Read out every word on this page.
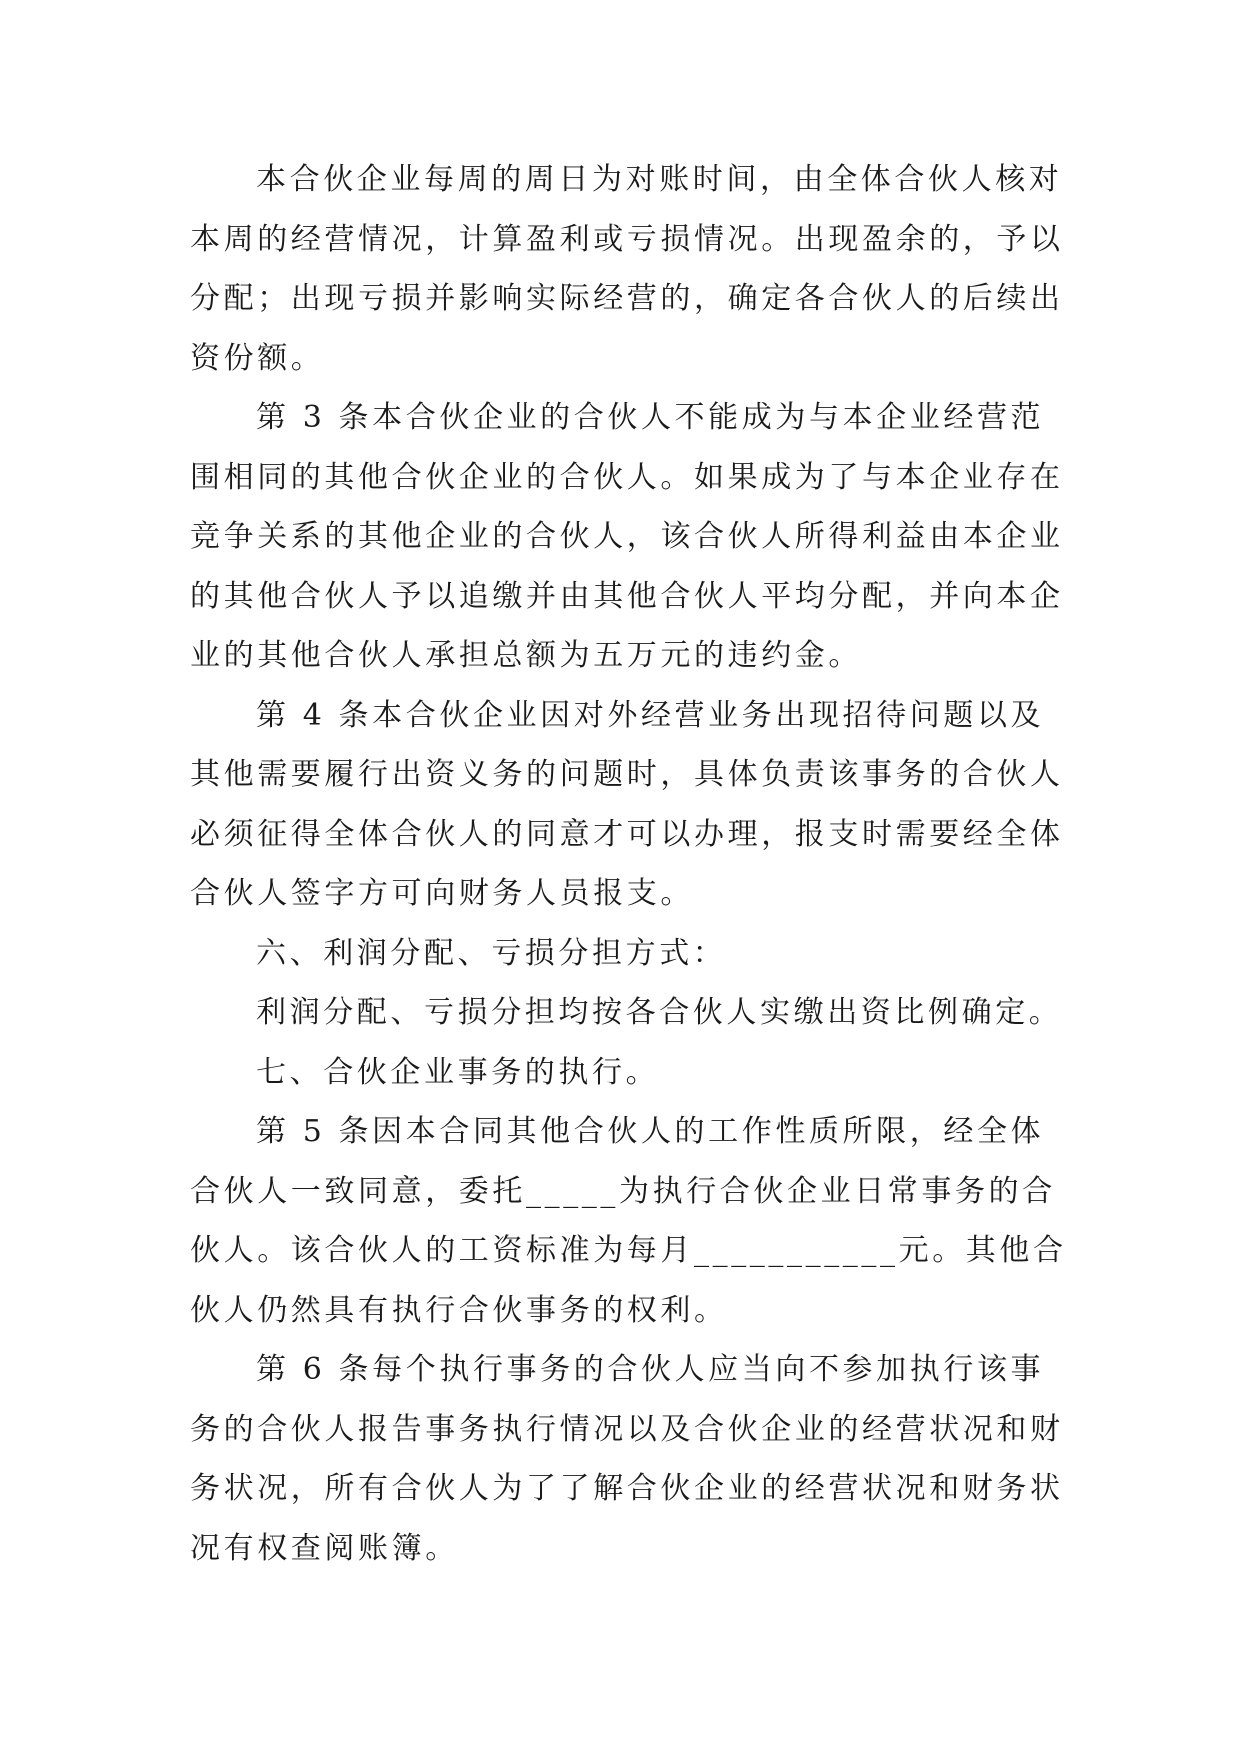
本合伙企业每周的周日为对账时间，由全体合伙人核对本周的经营情况，计算盈利或亏损情况。出现盈余的，予以分配；出现亏损并影响实际经营的，确定各合伙人的后续出资份额。

第 3 条本合伙企业的合伙人不能成为与本企业经营范围相同的其他合伙企业的合伙人。如果成为了与本企业存在竞争关系的其他企业的合伙人，该合伙人所得利益由本企业的其他合伙人予以追缴并由其他合伙人平均分配，并向本企业的其他合伙人承担总额为五万元的违约金。

第 4 条本合伙企业因对外经营业务出现招待问题以及其他需要履行出资义务的问题时，具体负责该事务的合伙人必须征得全体合伙人的同意才可以办理，报支时需要经全体合伙人签字方可向财务人员报支。

六、利润分配、亏损分担方式：

利润分配、亏损分担均按各合伙人实缴出资比例确定。

七、合伙企业事务的执行。

第 5 条因本合同其他合伙人的工作性质所限，经全体合伙人一致同意，委托_____为执行合伙企业日常事务的合伙人。该合伙人的工资标准为每月___________元。其他合伙人仍然具有执行合伙事务的权利。

第 6 条每个执行事务的合伙人应当向不参加执行该事务的合伙人报告事务执行情况以及合伙企业的经营状况和财务状况，所有合伙人为了了解合伙企业的经营状况和财务状况有权查阅账簿。
